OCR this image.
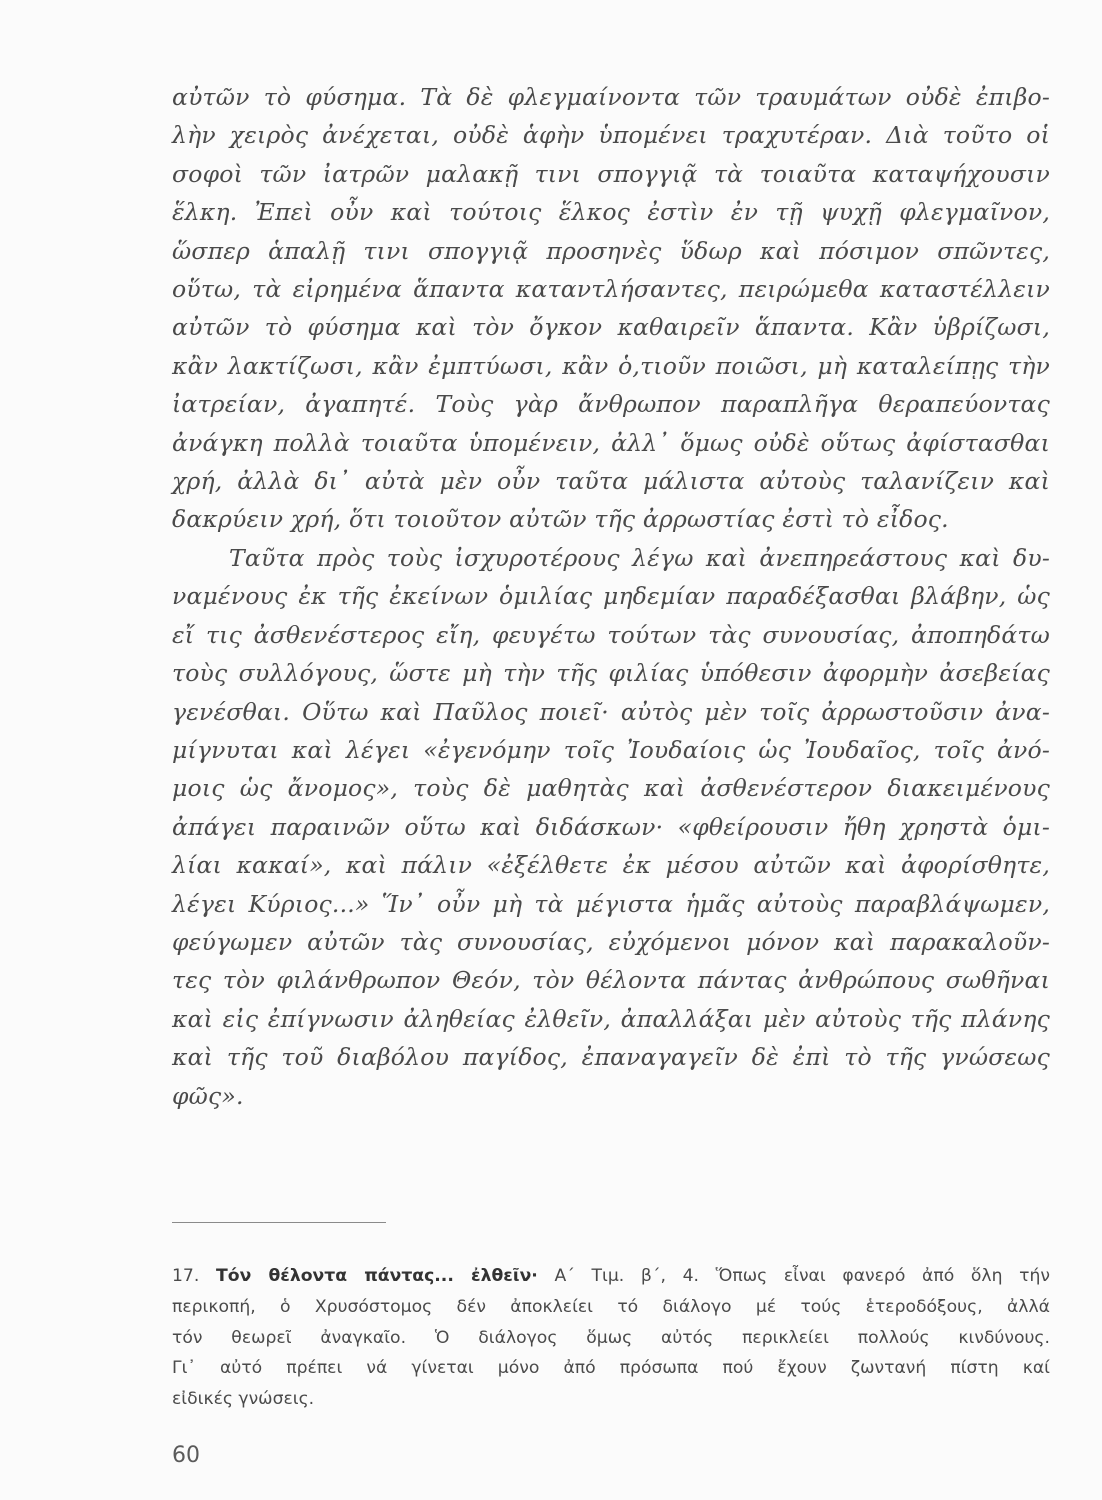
αὐτῶν τὸ φύσημα. Τὰ δὲ φλεγμαίνοντα τῶν τραυμάτων οὐδὲ ἐπιβο-
λὴν χειρὸς ἀνέχεται, οὐδὲ ἁφὴν ὑπομένει τραχυτέραν. Διὰ τοῦτο οἱ
σοφοὶ τῶν ἰατρῶν μαλακῇ τινι σπογγιᾷ τὰ τοιαῦτα καταψήχουσιν
ἕλκη. Ἐπεὶ οὖν καὶ τούτοις ἕλκος ἐστὶν ἐν τῇ ψυχῇ φλεγμαῖνον,
ὥσπερ ἁπαλῇ τινι σπογγιᾷ προσηνὲς ὕδωρ καὶ πόσιμον σπῶντες,
οὕτω, τὰ εἰρημένα ἅπαντα καταντλήσαντες, πειρώμεθα καταστέλλειν
αὐτῶν τὸ φύσημα καὶ τὸν ὄγκον καθαιρεῖν ἅπαντα. Κἂν ὑβρίζωσι,
κἂν λακτίζωσι, κἂν ἐμπτύωσι, κἂν ὁ,τιοῦν ποιῶσι, μὴ καταλείπῃς τὴν
ἰατρείαν, ἀγαπητέ. Τοὺς γὰρ ἄνθρωπον παραπλῆγα θεραπεύοντας
ἀνάγκη πολλὰ τοιαῦτα ὑπομένειν, ἀλλ᾽ ὅμως οὐδὲ οὕτως ἀφίστασθαι
χρή, ἀλλὰ δι᾽ αὐτὰ μὲν οὖν ταῦτα μάλιστα αὐτοὺς ταλανίζειν καὶ
δακρύειν χρή, ὅτι τοιοῦτον αὐτῶν τῆς ἀρρωστίας ἐστὶ τὸ εἶδος.
Ταῦτα πρὸς τοὺς ἰσχυροτέρους λέγω καὶ ἀνεπηρεάστους καὶ δυ-
ναμένους ἐκ τῆς ἐκείνων ὁμιλίας μηδεμίαν παραδέξασθαι βλάβην, ὡς
εἴ τις ἀσθενέστερος εἴη, φευγέτω τούτων τὰς συνουσίας, ἀποπηδάτω
τοὺς συλλόγους, ὥστε μὴ τὴν τῆς φιλίας ὑπόθεσιν ἀφορμὴν ἀσεβείας
γενέσθαι. Οὕτω καὶ Παῦλος ποιεῖ· αὐτὸς μὲν τοῖς ἀρρωστοῦσιν ἀνα-
μίγνυται καὶ λέγει «ἐγενόμην τοῖς Ἰουδαίοις ὡς Ἰουδαῖος, τοῖς ἀνό-
μοις ὡς ἄνομος», τοὺς δὲ μαθητὰς καὶ ἀσθενέστερον διακειμένους
ἀπάγει παραινῶν οὕτω καὶ διδάσκων· «φθείρουσιν ἤθη χρηστὰ ὁμι-
λίαι κακαί», καὶ πάλιν «ἐξέλθετε ἐκ μέσου αὐτῶν καὶ ἀφορίσθητε,
λέγει Κύριος...» Ἵν᾽ οὖν μὴ τὰ μέγιστα ἡμᾶς αὐτοὺς παραβλάψωμεν,
φεύγωμεν αὐτῶν τὰς συνουσίας, εὐχόμενοι μόνον καὶ παρακαλοῦν-
τες τὸν φιλάνθρωπον Θεόν, τὸν θέλοντα πάντας ἀνθρώπους σωθῆναι
καὶ εἰς ἐπίγνωσιν ἀληθείας ἐλθεῖν, ἀπαλλάξαι μὲν αὐτοὺς τῆς πλάνης
καὶ τῆς τοῦ διαβόλου παγίδος, ἐπαναγαγεῖν δὲ ἐπὶ τὸ τῆς γνώσεως
φῶς».
17. Τόν θέλοντα πάντας... ἐλθεῖν· Α΄ Τιμ. β΄, 4. Ὅπως εἶναι φανερό ἀπό ὅλη τήν
περικοπή, ὁ Χρυσόστομος δέν ἀποκλείει τό διάλογο μέ τούς ἑτεροδόξους, ἀλλά
τόν θεωρεῖ ἀναγκαῖο. Ὁ διάλογος ὅμως αὐτός περικλείει πολλούς κινδύνους.
Γι᾽ αὐτό πρέπει νά γίνεται μόνο ἀπό πρόσωπα πού ἔχουν ζωντανή πίστη καί
εἰδικές γνώσεις.
60
